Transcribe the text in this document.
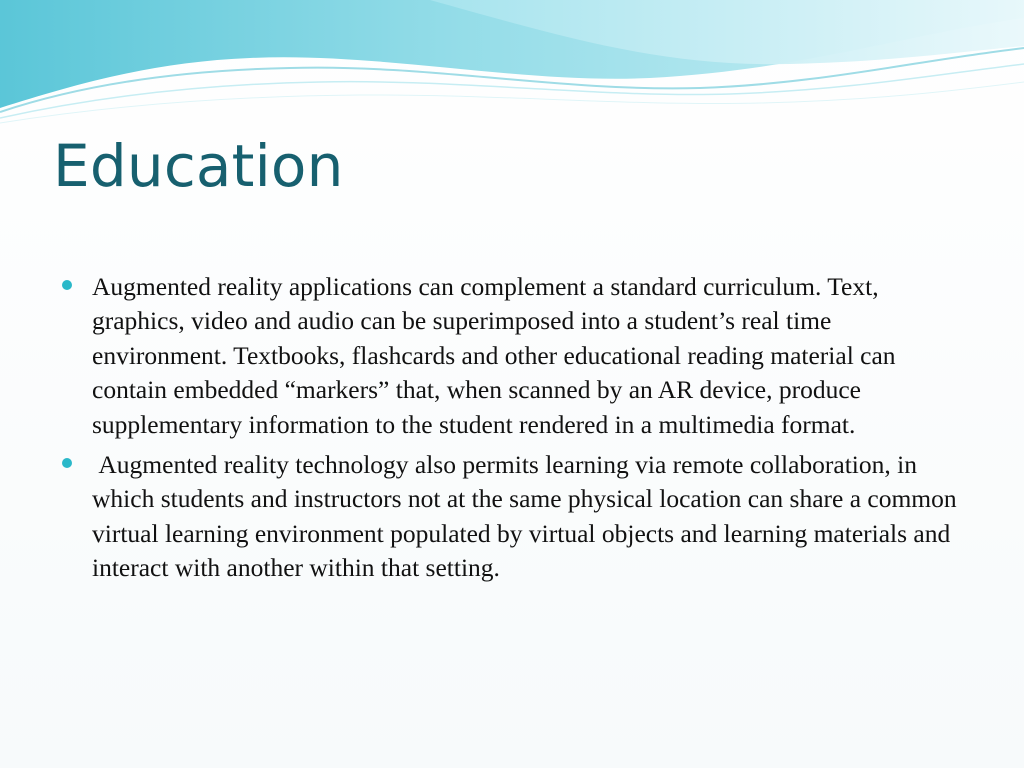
Education
Augmented reality applications can complement a standard curriculum. Text, graphics, video and audio can be superimposed into a student’s real time environment. Textbooks, flashcards and other educational reading material can contain embedded “markers” that, when scanned by an AR device, produce supplementary information to the student rendered in a multimedia format.
Augmented reality technology also permits learning via remote collaboration, in which students and instructors not at the same physical location can share a common virtual learning environment populated by virtual objects and learning materials and interact with another within that setting.
